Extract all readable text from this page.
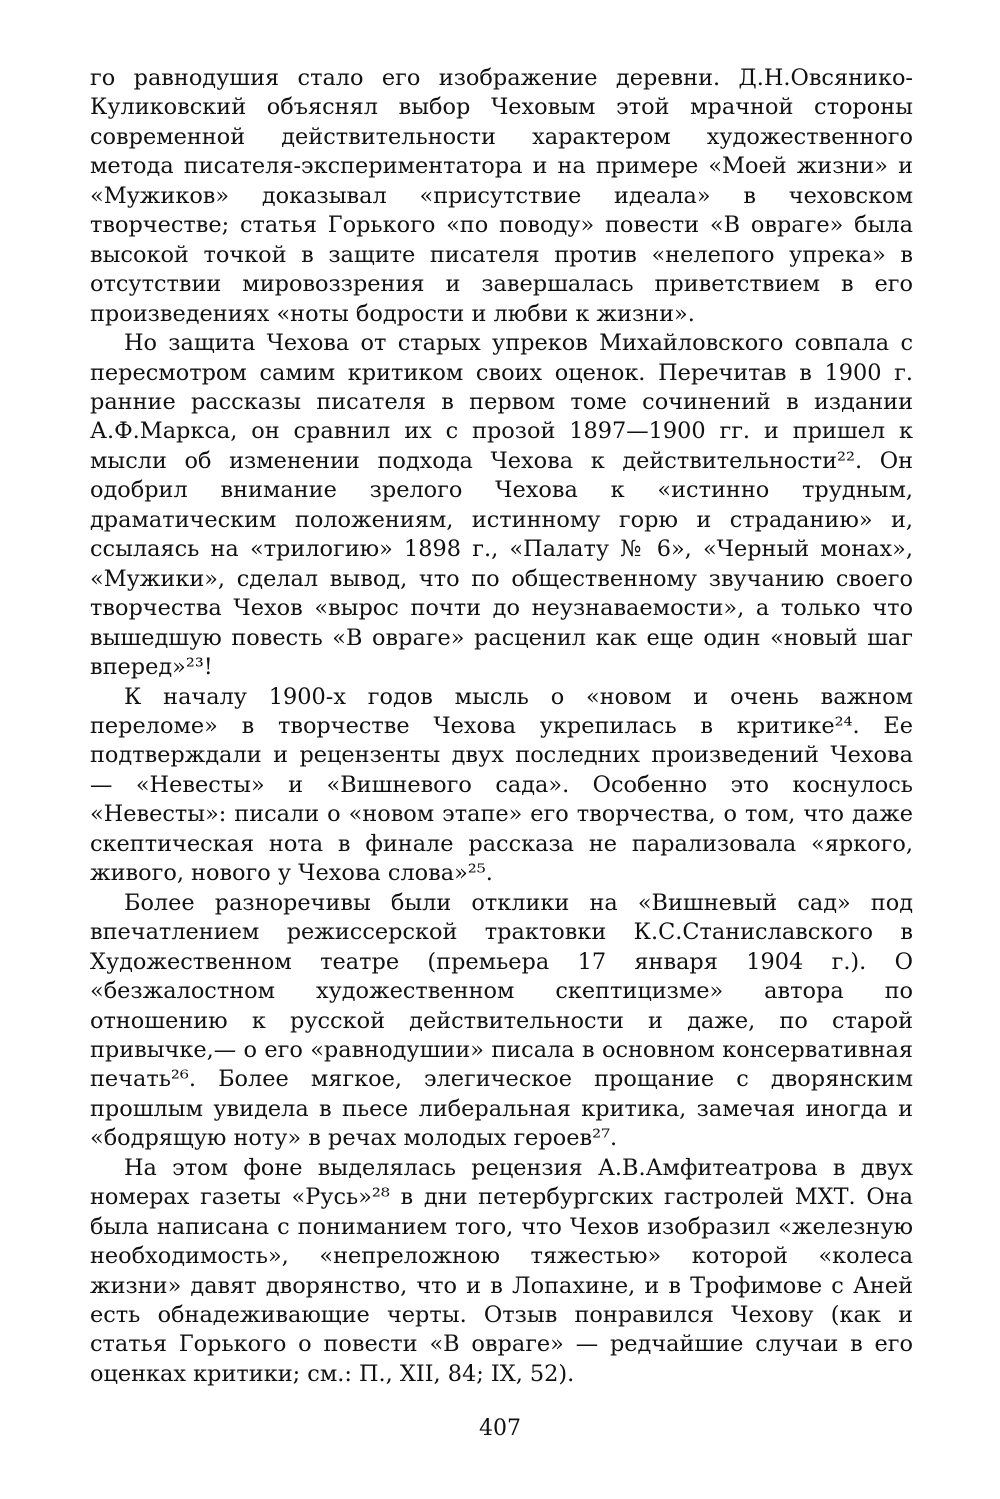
го равнодушия стало его изображение деревни. Д.Н.Овсянико-Куликовский объяснял выбор Чеховым этой мрачной стороны современной действительности характером художественного метода писателя-экспериментатора и на примере «Моей жизни» и «Мужиков» доказывал «присутствие идеала» в чеховском творчестве; статья Горького «по поводу» повести «В овраге» была высокой точкой в защите писателя против «нелепого упрека» в отсутствии мировоззрения и завершалась приветствием в его произведениях «ноты бодрости и любви к жизни».

Но защита Чехова от старых упреков Михайловского совпала с пересмотром самим критиком своих оценок. Перечитав в 1900 г. ранние рассказы писателя в первом томе сочинений в издании А.Ф.Маркса, он сравнил их с прозой 1897—1900 гг. и пришел к мысли об изменении подхода Чехова к действительности²². Он одобрил внимание зрелого Чехова к «истинно трудным, драматическим положениям, истинному горю и страданию» и, ссылаясь на «трилогию» 1898 г., «Палату № 6», «Черный монах», «Мужики», сделал вывод, что по общественному звучанию своего творчества Чехов «вырос почти до неузнаваемости», а только что вышедшую повесть «В овраге» расценил как еще один «новый шаг вперед»²³!

К началу 1900-х годов мысль о «новом и очень важном переломе» в творчестве Чехова укрепилась в критике²⁴. Ее подтверждали и рецензенты двух последних произведений Чехова — «Невесты» и «Вишневого сада». Особенно это коснулось «Невесты»: писали о «новом этапе» его творчества, о том, что даже скептическая нота в финале рассказа не парализовала «яркого, живого, нового у Чехова слова»²⁵.

Более разноречивы были отклики на «Вишневый сад» под впечатлением режиссерской трактовки К.С.Станиславского в Художественном театре (премьера 17 января 1904 г.). О «безжалостном художественном скептицизме» автора по отношению к русской действительности и даже, по старой привычке,— о его «равнодушии» писала в основном консервативная печать²⁶. Более мягкое, элегическое прощание с дворянским прошлым увидела в пьесе либеральная критика, замечая иногда и «бодрящую ноту» в речах молодых героев²⁷.

На этом фоне выделялась рецензия А.В.Амфитеатрова в двух номерах газеты «Русь»²⁸ в дни петербургских гастролей МХТ. Она была написана с пониманием того, что Чехов изобразил «железную необходимость», «непреложною тяжестью» которой «колеса жизни» давят дворянство, что и в Лопахине, и в Трофимове с Аней есть обнадеживающие черты. Отзыв понравился Чехову (как и статья Горького о повести «В овраге» — редчайшие случаи в его оценках критики; см.: П., XII, 84; IX, 52).

407
